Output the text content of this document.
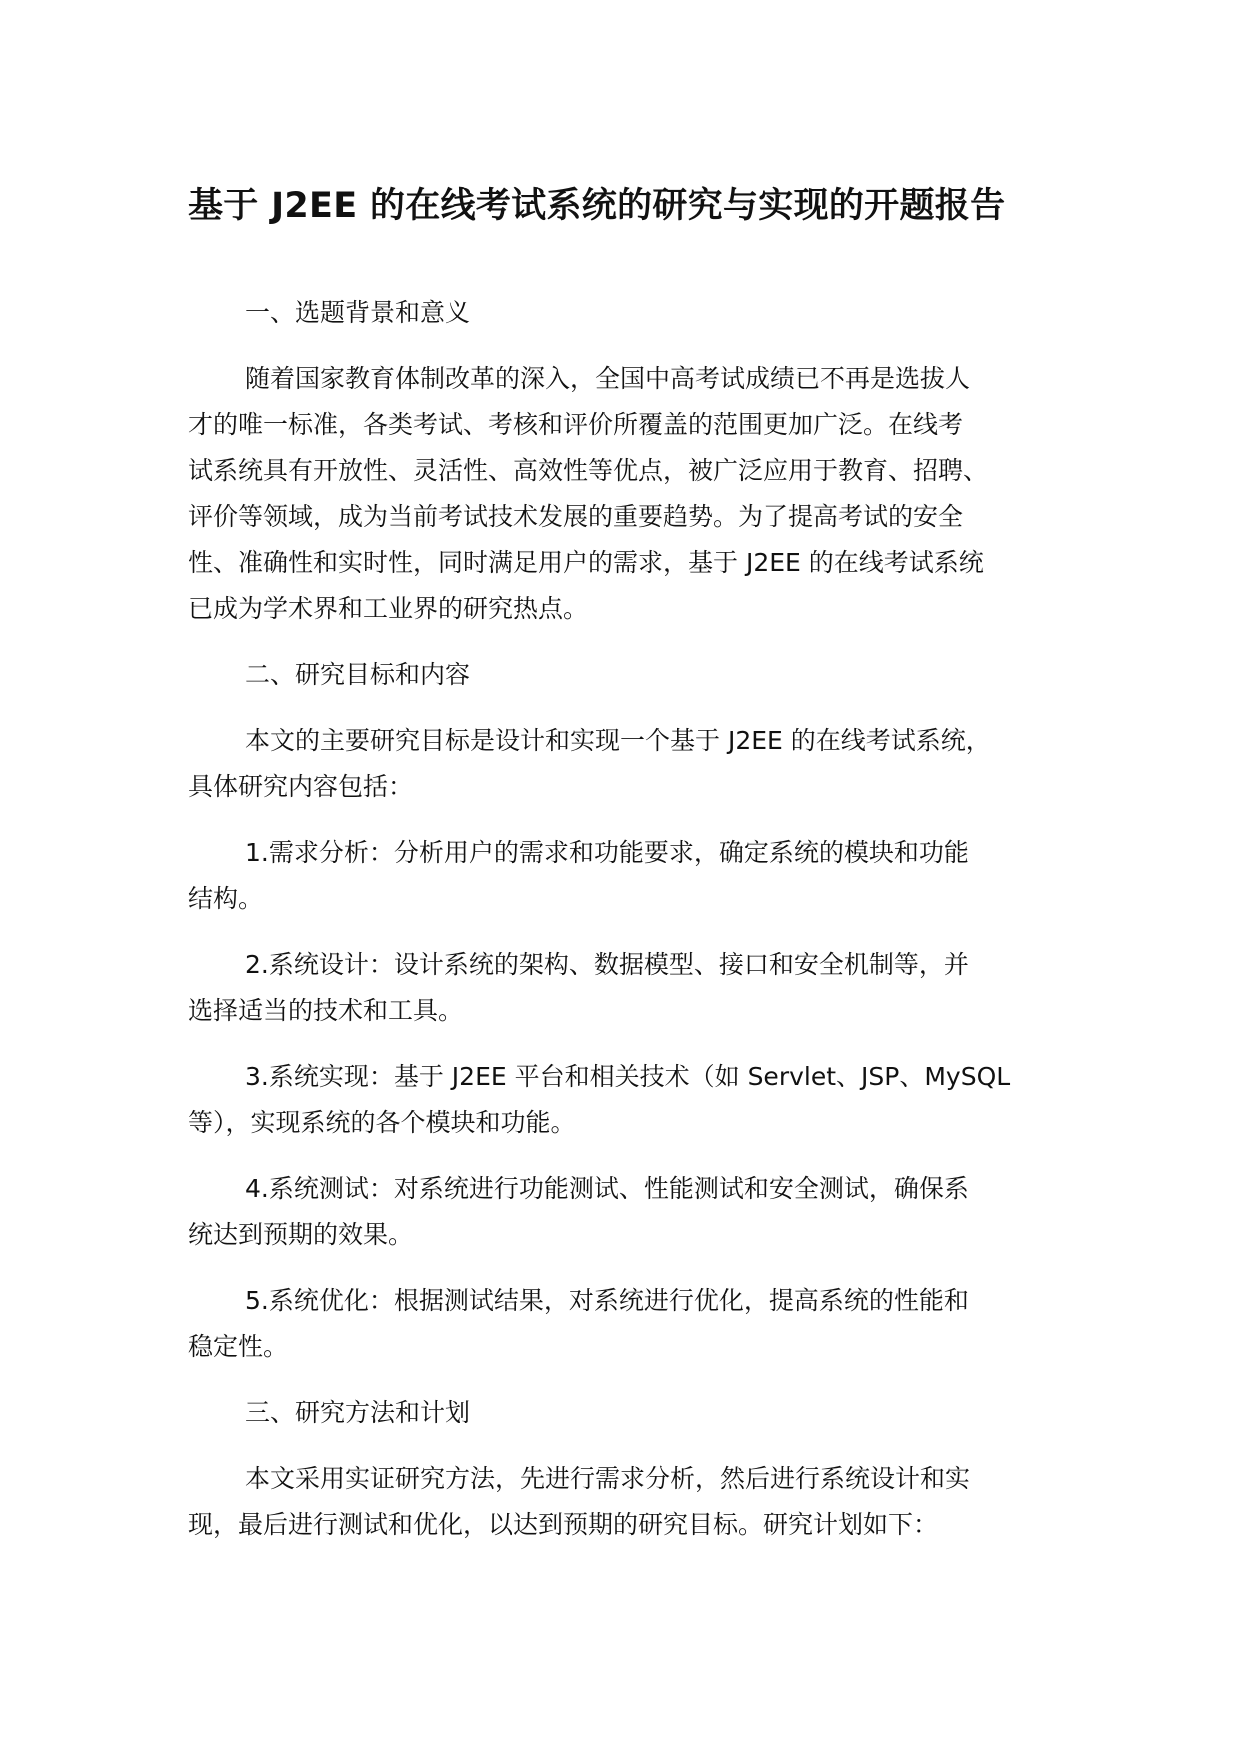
基于 J2EE 的在线考试系统的研究与实现的开题报告
一、选题背景和意义
随着国家教育体制改革的深入，全国中高考试成绩已不再是选拔人
才的唯一标准，各类考试、考核和评价所覆盖的范围更加广泛。在线考
试系统具有开放性、灵活性、高效性等优点，被广泛应用于教育、招聘、
评价等领域，成为当前考试技术发展的重要趋势。为了提高考试的安全
性、准确性和实时性，同时满足用户的需求，基于 J2EE 的在线考试系统
已成为学术界和工业界的研究热点。
二、研究目标和内容
本文的主要研究目标是设计和实现一个基于 J2EE 的在线考试系统，
具体研究内容包括：
1.需求分析：分析用户的需求和功能要求，确定系统的模块和功能
结构。
2.系统设计：设计系统的架构、数据模型、接口和安全机制等，并
选择适当的技术和工具。
3.系统实现：基于 J2EE 平台和相关技术（如 Servlet、JSP、MySQL
等），实现系统的各个模块和功能。
4.系统测试：对系统进行功能测试、性能测试和安全测试，确保系
统达到预期的效果。
5.系统优化：根据测试结果，对系统进行优化，提高系统的性能和
稳定性。
三、研究方法和计划
本文采用实证研究方法，先进行需求分析，然后进行系统设计和实
现，最后进行测试和优化，以达到预期的研究目标。研究计划如下：
